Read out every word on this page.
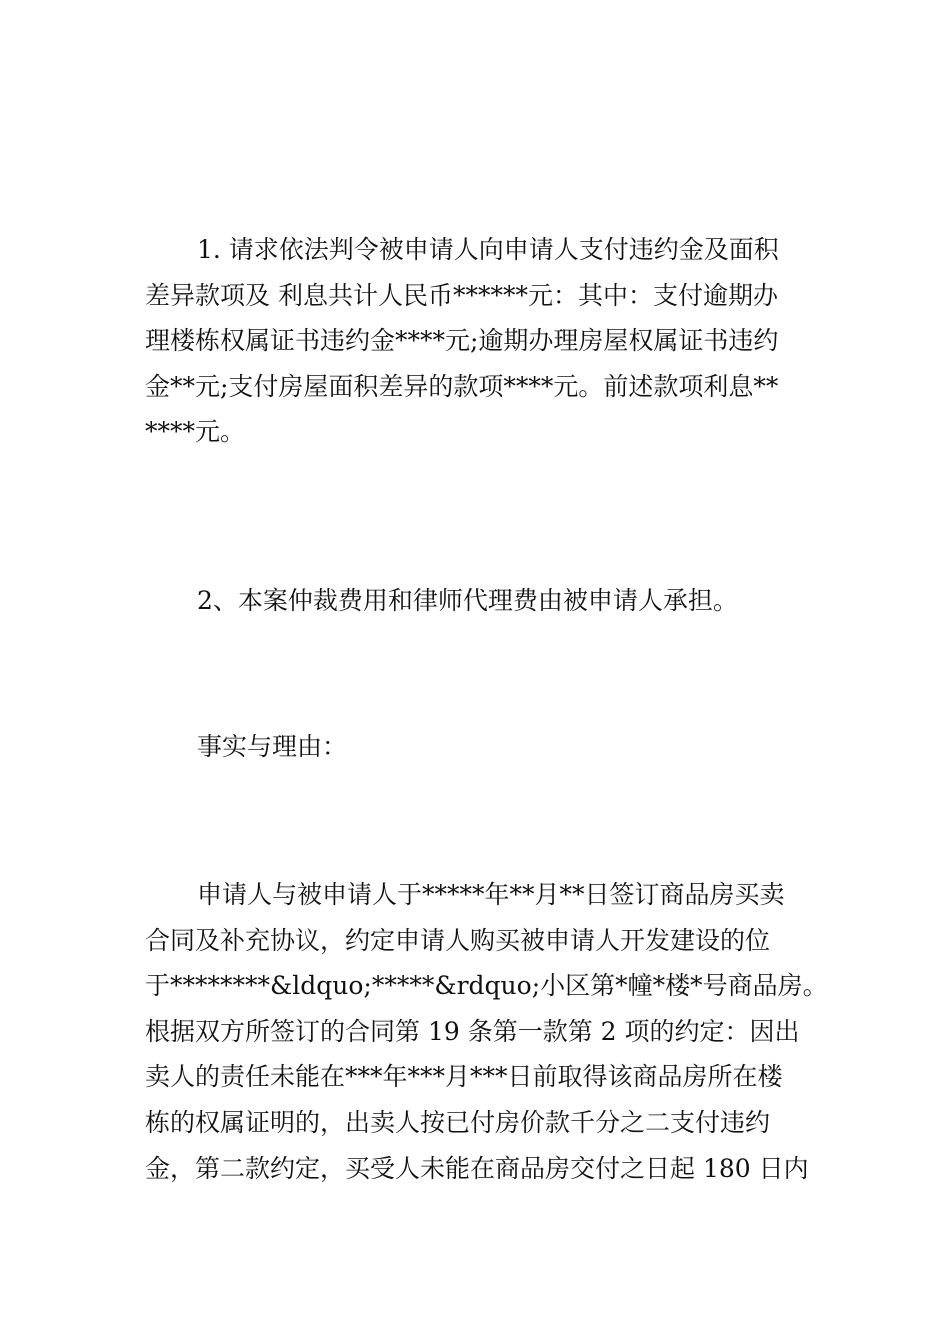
1. 请求依法判令被申请人向申请人支付违约金及面积
差异款项及 利息共计人民币******元：其中：支付逾期办
理楼栋权属证书违约金****元;逾期办理房屋权属证书违约
金**元;支付房屋面积差异的款项****元。前述款项利息**
****元。
2、本案仲裁费用和律师代理费由被申请人承担。
事实与理由：
申请人与被申请人于*****年**月**日签订商品房买卖
合同及补充协议，约定申请人购买被申请人开发建设的位
于********&ldquo;*****&rdquo;小区第*幢*楼*号商品房。
根据双方所签订的合同第 19 条第一款第 2 项的约定：因出
卖人的责任未能在***年***月***日前取得该商品房所在楼
栋的权属证明的，出卖人按已付房价款千分之二支付违约
金，第二款约定，买受人未能在商品房交付之日起 180 日内
